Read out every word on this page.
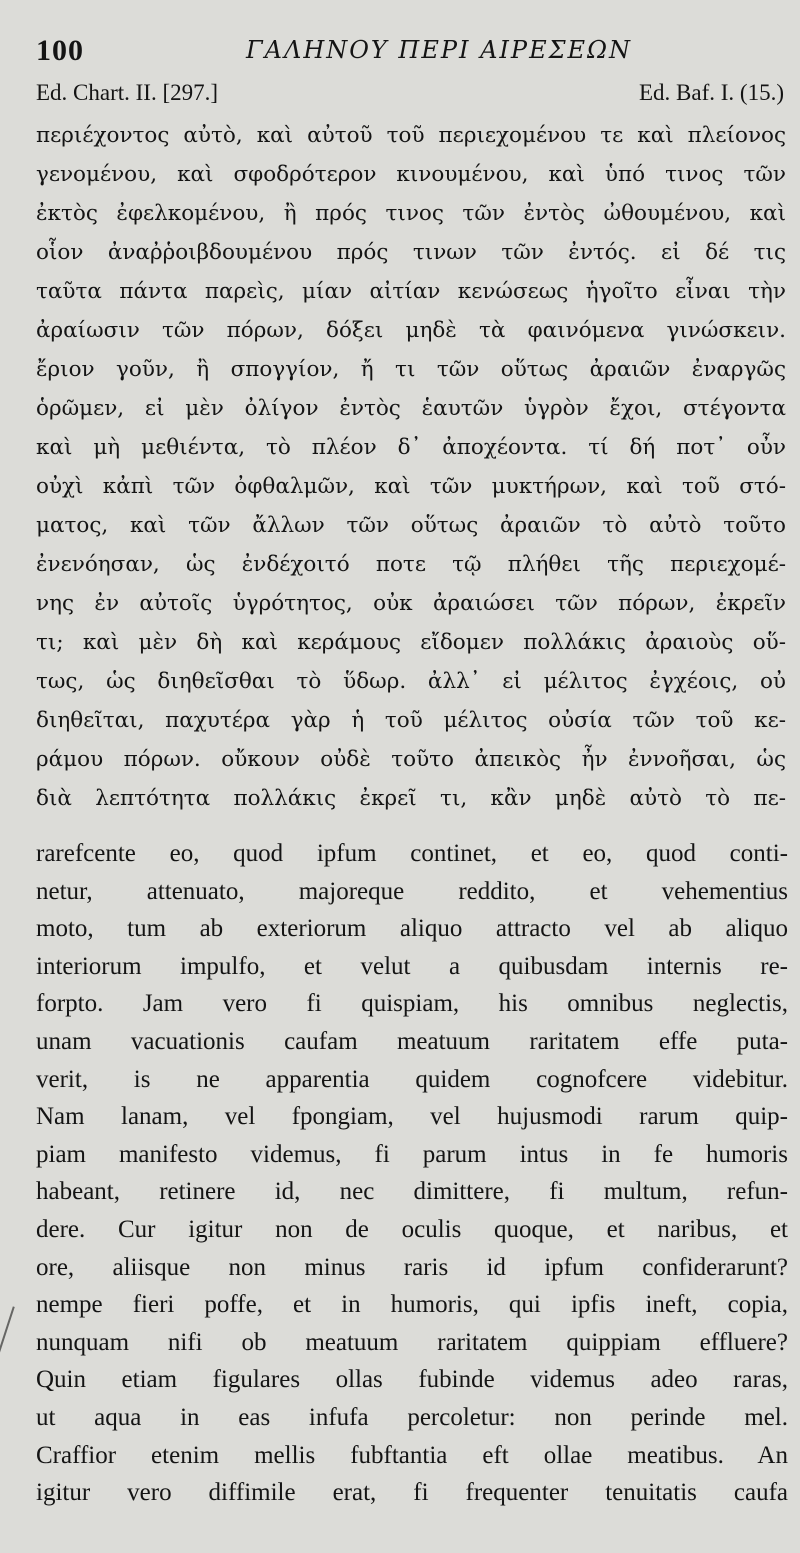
100	ΓΑΛΗΝΟΥ ΠΕΡΙ ΑΙΡΕΣΕΩΝ
Ed. Chart. II. [297.]	Ed. Baf. I. (15.)
περιέχοντος αὐτὸ, καὶ αὐτοῦ τοῦ περιεχομένου τε καὶ πλείονος
γενομένου, καὶ σφοδρότερον κινουμένου, καὶ ὑπό τινος τῶν
ἐκτὸς ἐφελκομένου, ἢ πρός τινος τῶν ἐντὸς ὠθουμένου, καὶ
οἷον ἀναῤῥοιβδουμένου πρός τινων τῶν ἐντός. εἰ δέ τις
ταῦτα πάντα παρεὶς, μίαν αἰτίαν κενώσεως ἡγοῖτο εἶναι τὴν
ἀραίωσιν τῶν πόρων, δόξει μηδὲ τὰ φαινόμενα γινώσκειν.
ἔριον γοῦν, ἢ σπογγίον, ἤ τι τῶν οὕτως ἀραιῶν ἐναργῶς
ὁρῶμεν, εἰ μὲν ὀλίγον ἐντὸς ἑαυτῶν ὑγρὸν ἔχοι, στέγοντα
καὶ μὴ μεθιέντα, τὸ πλέον δ᾽ ἀποχέοντα. τί δή ποτ᾽ οὖν
οὐχὶ κἀπὶ τῶν ὀφθαλμῶν, καὶ τῶν μυκτήρων, καὶ τοῦ στό-
ματος, καὶ τῶν ἄλλων τῶν οὕτως ἀραιῶν τὸ αὐτὸ τοῦτο
ἐνενόησαν, ὡς ἐνδέχοιτό ποτε τῷ πλήθει τῆς περιεχομέ-
νης ἐν αὐτοῖς ὑγρότητος, οὐκ ἀραιώσει τῶν πόρων, ἐκρεῖν
τι; καὶ μὲν δὴ καὶ κεράμους εἴδομεν πολλάκις ἀραιοὺς οὕ-
τως, ὡς διηθεῖσθαι τὸ ὕδωρ. ἀλλ᾽ εἰ μέλιτος ἐγχέοις, οὐ
διηθεῖται, παχυτέρα γὰρ ἡ τοῦ μέλιτος οὐσία τῶν τοῦ κε-
ράμου πόρων. οὔκουν οὐδὲ τοῦτο ἀπεικὸς ἦν ἐννοῆσαι, ὡς
διὰ λεπτότητα πολλάκις ἐκρεῖ τι, κἂν μηδὲ αὐτὸ τὸ πε-
rarefcente eo, quod ipfum continet, et eo, quod conti-
netur, attenuato, majoreque reddito, et vehementius
moto, tum ab exteriorum aliquo attracto vel ab aliquo
interiorum impulfo, et velut a quibusdam internis re-
forpto. Jam vero fi quispiam, his omnibus neglectis,
unam vacuationis caufam meatuum raritatem effe puta-
verit, is ne apparentia quidem cognofcere videbitur.
Nam lanam, vel fpongiam, vel hujusmodi rarum quip-
piam manifesto videmus, fi parum intus in fe humoris
habeant, retinere id, nec dimittere, fi multum, refun-
dere. Cur igitur non de oculis quoque, et naribus, et
ore, aliisque non minus raris id ipfum confiderarunt?
nempe fieri poffe, et in humoris, qui ipfis ineft, copia,
nunquam nifi ob meatuum raritatem quippiam effluere?
Quin etiam figulares ollas fubinde videmus adeo raras,
ut aqua in eas infufa percoletur: non perinde mel.
Craffior etenim mellis fubftantia eft ollae meatibus. An
igitur vero diffimile erat, fi frequenter tenuitatis caufa
